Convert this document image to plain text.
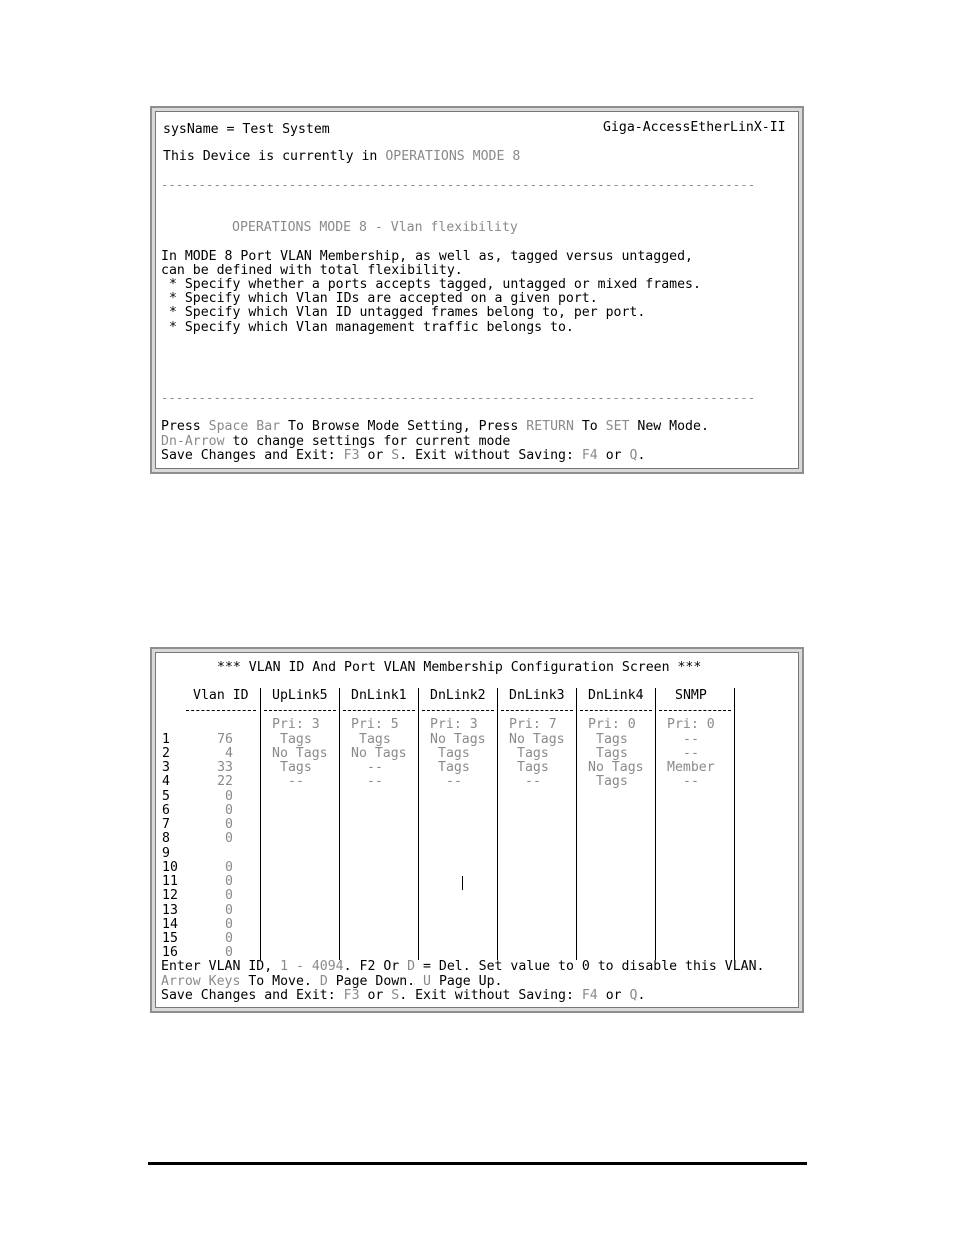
sysName = Test System	Giga-AccessEtherLinX-II
This Device is currently in OPERATIONS MODE 8
-------------------------------------------------------------------------------
OPERATIONS MODE 8 - Vlan flexibility
In MODE 8 Port VLAN Membership, as well as, tagged versus untagged,
can be defined with total flexibility.
* Specify whether a ports accepts tagged, untagged or mixed frames.
* Specify which Vlan IDs are accepted on a given port.
* Specify which Vlan ID untagged frames belong to, per port.
* Specify which Vlan management traffic belongs to.
-------------------------------------------------------------------------------
Press Space Bar To Browse Mode Setting, Press RETURN To SET New Mode.
Dn-Arrow to change settings for current mode
Save Changes and Exit: F3 or S. Exit without Saving: F4 or Q.
*** VLAN ID And Port VLAN Membership Configuration Screen ***
Vlan ID UpLink5 DnLink1 DnLink2 DnLink3 DnLink4 SNMP
1
2
3
4
5
6
7
8
9
10
11
12
13
14
15
16
76
4
33
22
0
0
0
0
0
0
0
0
0
0
0
Pri: 3
Tags
No Tags
Tags
--
Pri: 5
Tags
No Tags
--
--
Pri: 3
No Tags
Tags
Tags
--
Pri: 7
No Tags
Tags
Tags
--
Pri: 0
Tags
Tags
No Tags
Tags
Pri: 0
--
--
Member
--
Enter VLAN ID, 1 - 4094. F2 Or D = Del. Set value to 0 to disable this VLAN.
Arrow Keys To Move. D Page Down. U Page Up.
Save Changes and Exit: F3 or S. Exit without Saving: F4 or Q.
